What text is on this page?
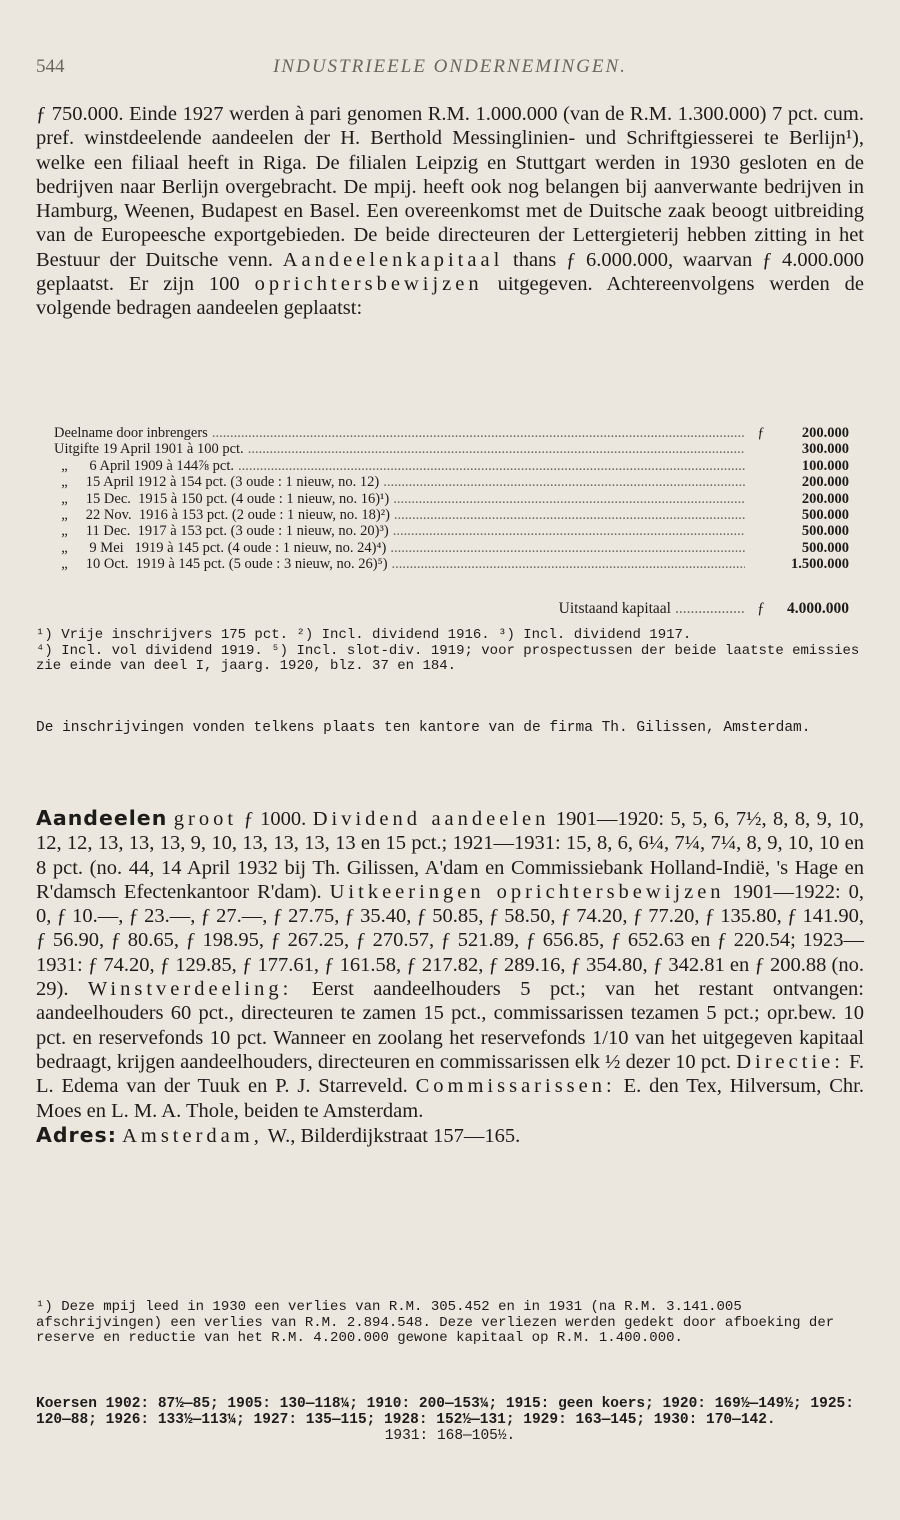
544	INDUSTRIEELE ONDERNEMINGEN.
ƒ 750.000. Einde 1927 werden à pari genomen R.M. 1.000.000 (van de R.M. 1.300.000) 7 pct. cum. pref. winstdeelende aandeelen der H. Berthold Messinglinien- und Schriftgiesserei te Berlijn¹), welke een filiaal heeft in Riga. De filialen Leipzig en Stuttgart werden in 1930 gesloten en de bedrijven naar Berlijn overgebracht. De mpij. heeft ook nog belangen bij aanverwante bedrijven in Hamburg, Weenen, Budapest en Basel. Een overeenkomst met de Duitsche zaak beoogt uitbreiding van de Europeesche exportgebieden. De beide directeuren der Lettergieterij hebben zitting in het Bestuur der Duitsche venn. Aandeelenkapitaal thans ƒ 6.000.000, waarvan ƒ 4.000.000 geplaatst. Er zijn 100 oprichtersbewijzen uitgegeven. Achtereenvolgens werden de volgende bedragen aandeelen geplaatst:
Deelname door inbrengers .....	ƒ	200.000
Uitgifte 19 April 1901 à 100 pct. .....	300.000
„      6 April 1909 à 144⅞ pct. .....	100.000
„     15 April 1912 à 154 pct. (3 oude : 1 nieuw, no. 12) .....	200.000
„     15 Dec.  1915 à 150 pct. (4 oude : 1 nieuw, no. 16)¹) .....	200.000
„     22 Nov.  1916 à 153 pct. (2 oude : 1 nieuw, no. 18)²) .....	500.000
„     11 Dec.  1917 à 153 pct. (3 oude : 1 nieuw, no. 20)³) .....	500.000
„      9 Mei   1919 à 145 pct. (4 oude : 1 nieuw, no. 24)⁴) .....	500.000
„     10 Oct.  1919 à 145 pct. (5 oude : 3 nieuw, no. 26)⁵) .....	1.500.000
Uitstaand kapitaal .....	ƒ	4.000.000
¹) Vrije inschrijvers 175 pct. ²) Incl. dividend 1916. ³) Incl. dividend 1917.
⁴) Incl. vol dividend 1919. ⁵) Incl. slot-div. 1919; voor prospectussen der beide laatste emissies zie einde van deel I, jaarg. 1920, blz. 37 en 184.
De inschrijvingen vonden telkens plaats ten kantore van de firma Th. Gilissen, Amsterdam.
Aandeelen groot ƒ 1000. Dividend aandeelen 1901—1920: 5, 5, 6, 7½, 8, 8, 9, 10, 12, 12, 13, 13, 13, 9, 10, 13, 13, 13, 13 en 15 pct.; 1921—1931: 15, 8, 6, 6¼, 7¼, 7¼, 8, 9, 10, 10 en 8 pct. (no. 44, 14 April 1932 bij Th. Gilissen, A'dam en Commissiebank Holland-Indië, 's Hage en R'damsch Efectenkantoor R'dam). Uitkeeringen oprichtersbewijzen 1901—1922: 0, 0, ƒ 10.—, ƒ 23.—, ƒ 27.—, ƒ 27.75, ƒ 35.40, ƒ 50.85, ƒ 58.50, ƒ 74.20, ƒ 77.20, ƒ 135.80, ƒ 141.90, ƒ 56.90, ƒ 80.65, ƒ 198.95, ƒ 267.25, ƒ 270.57, ƒ 521.89, ƒ 656.85, ƒ 652.63 en ƒ 220.54; 1923—1931: ƒ 74.20, ƒ 129.85, ƒ 177.61, ƒ 161.58, ƒ 217.82, ƒ 289.16, ƒ 354.80, ƒ 342.81 en ƒ 200.88 (no. 29). Winstverdeeling: Eerst aandeelhouders 5 pct.; van het restant ontvangen: aandeelhouders 60 pct., directeuren te zamen 15 pct., commissarissen tezamen 5 pct.; opr.bew. 10 pct. en reservefonds 10 pct. Wanneer en zoolang het reservefonds 1/10 van het uitgegeven kapitaal bedraagt, krijgen aandeelhouders, directeuren en commissarissen elk ½ dezer 10 pct. Directie: F. L. Edema van der Tuuk en P. J. Starreveld. Commissarissen: E. den Tex, Hilversum, Chr. Moes en L. M. A. Thole, beiden te Amsterdam.
Adres: Amsterdam, W., Bilderdijkstraat 157—165.
¹) Deze mpij leed in 1930 een verlies van R.M. 305.452 en in 1931 (na R.M. 3.141.005 afschrijvingen) een verlies van R.M. 2.894.548. Deze verliezen werden gedekt door afboeking der reserve en reductie van het R.M. 4.200.000 gewone kapitaal op R.M. 1.400.000.
Koersen 1902: 87½—85; 1905: 130—118¼; 1910: 200—153¼; 1915: geen koers; 1920: 169½—149½; 1925: 120—88; 1926: 133½—113¼; 1927: 135—115; 1928: 152½—131; 1929: 163—145; 1930: 170—142.
1931: 168—105½.
